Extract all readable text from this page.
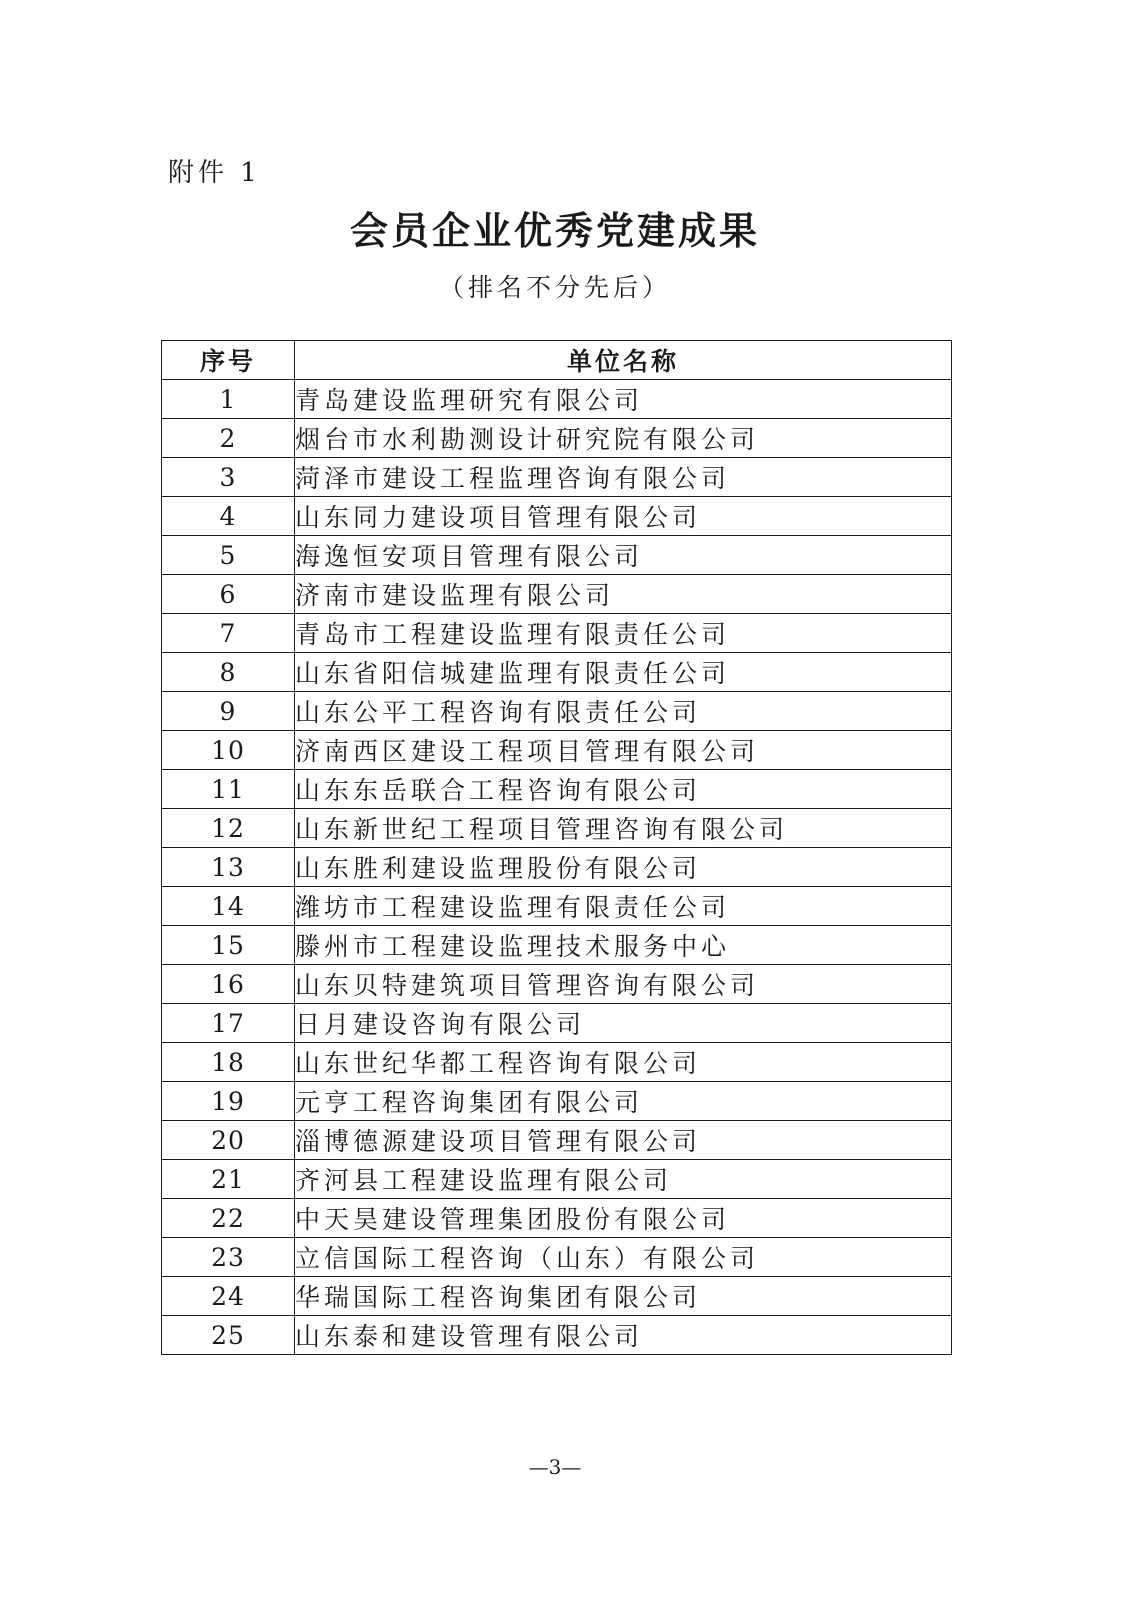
附件 1
会员企业优秀党建成果
（排名不分先后）
序号	单位名称
1	青岛建设监理研究有限公司
2	烟台市水利勘测设计研究院有限公司
3	菏泽市建设工程监理咨询有限公司
4	山东同力建设项目管理有限公司
5	海逸恒安项目管理有限公司
6	济南市建设监理有限公司
7	青岛市工程建设监理有限责任公司
8	山东省阳信城建监理有限责任公司
9	山东公平工程咨询有限责任公司
10	济南西区建设工程项目管理有限公司
11	山东东岳联合工程咨询有限公司
12	山东新世纪工程项目管理咨询有限公司
13	山东胜利建设监理股份有限公司
14	潍坊市工程建设监理有限责任公司
15	滕州市工程建设监理技术服务中心
16	山东贝特建筑项目管理咨询有限公司
17	日月建设咨询有限公司
18	山东世纪华都工程咨询有限公司
19	元亨工程咨询集团有限公司
20	淄博德源建设项目管理有限公司
21	齐河县工程建设监理有限公司
22	中天昊建设管理集团股份有限公司
23	立信国际工程咨询（山东）有限公司
24	华瑞国际工程咨询集团有限公司
25	山东泰和建设管理有限公司
—3—
